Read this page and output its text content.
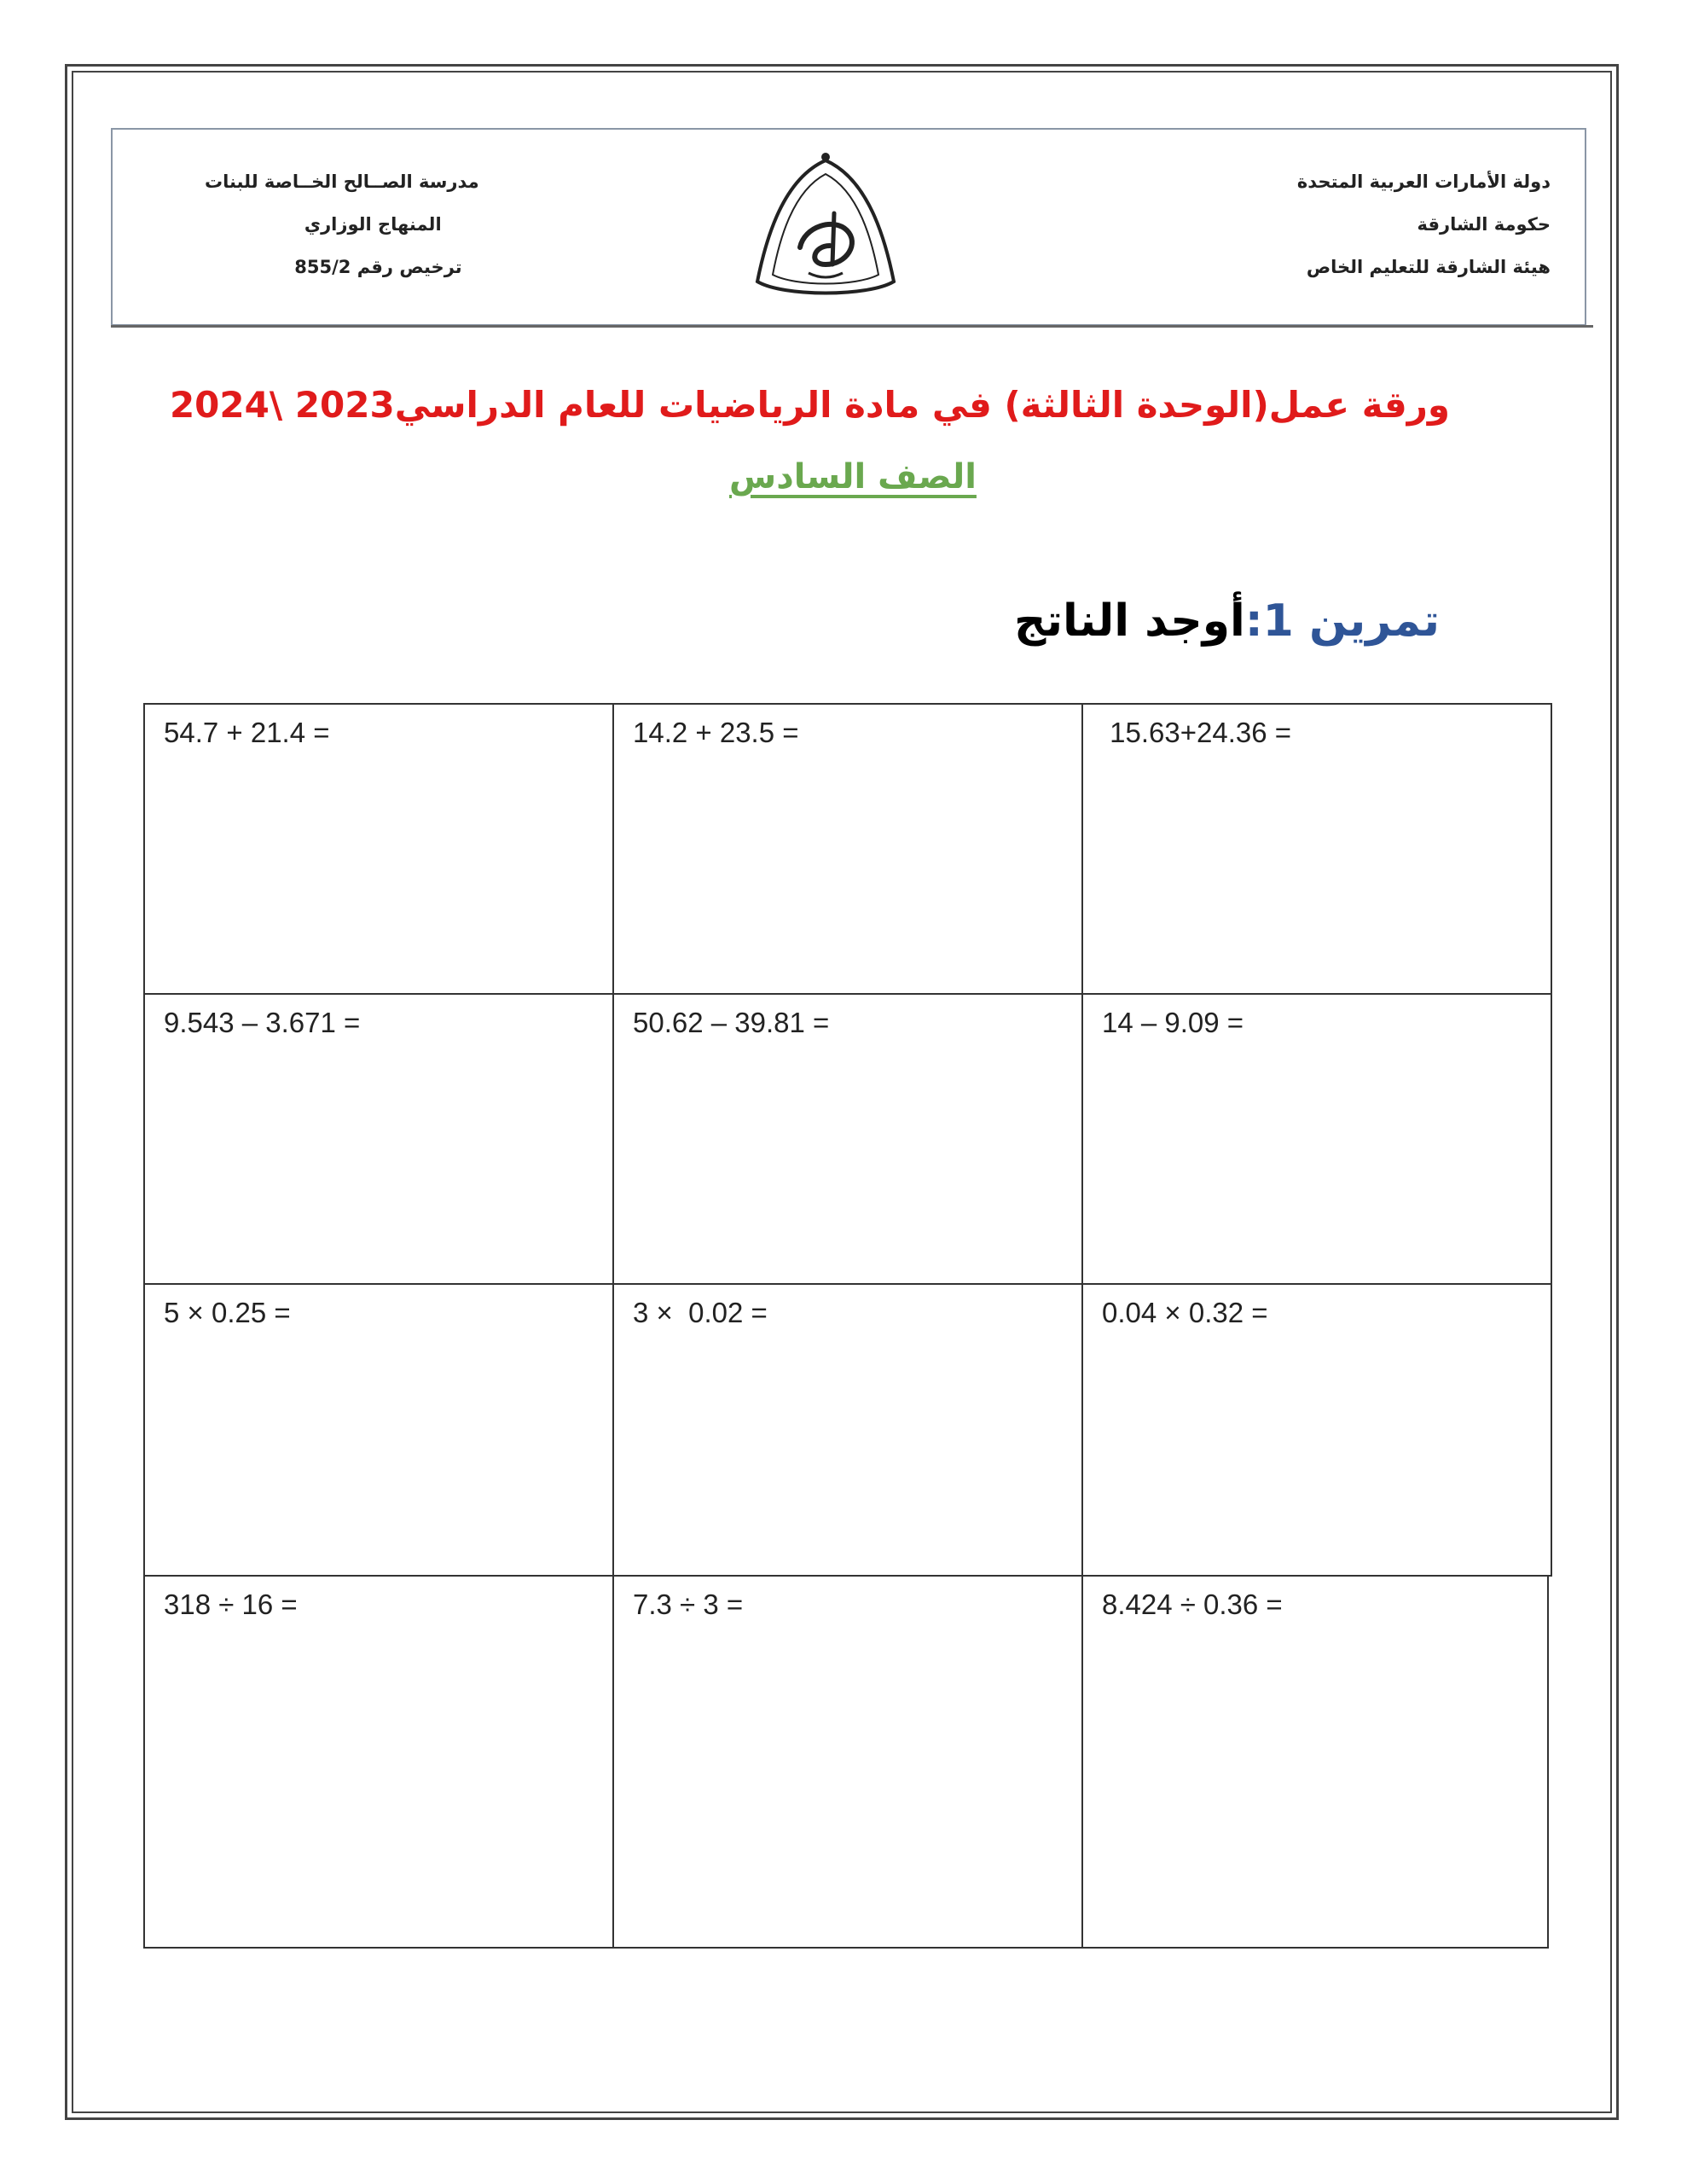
دولة الأمارات العربية المتحدة
حكومة الشارقة
هيئة الشارقة للتعليم الخاص
مدرسة الصــالح الخــاصة للبنات
المنهاج الوزاري
ترخيص رقم 855/2
ورقة عمل(الوحدة الثالثة) في مادة الرياضيات للعام الدراسي2023 \2024
الصف السادس
تمرين 1:أوجد الناتج
54.7 + 21.4 =	14.2 + 23.5 =	15.63+24.36 =
9.543 – 3.671 =	50.62 – 39.81 =	14 – 9.09 =
5 × 0.25 =	3 ×  0.02 =	0.04 × 0.32 =
318 ÷ 16 =	7.3 ÷ 3 =	8.424 ÷ 0.36 =
